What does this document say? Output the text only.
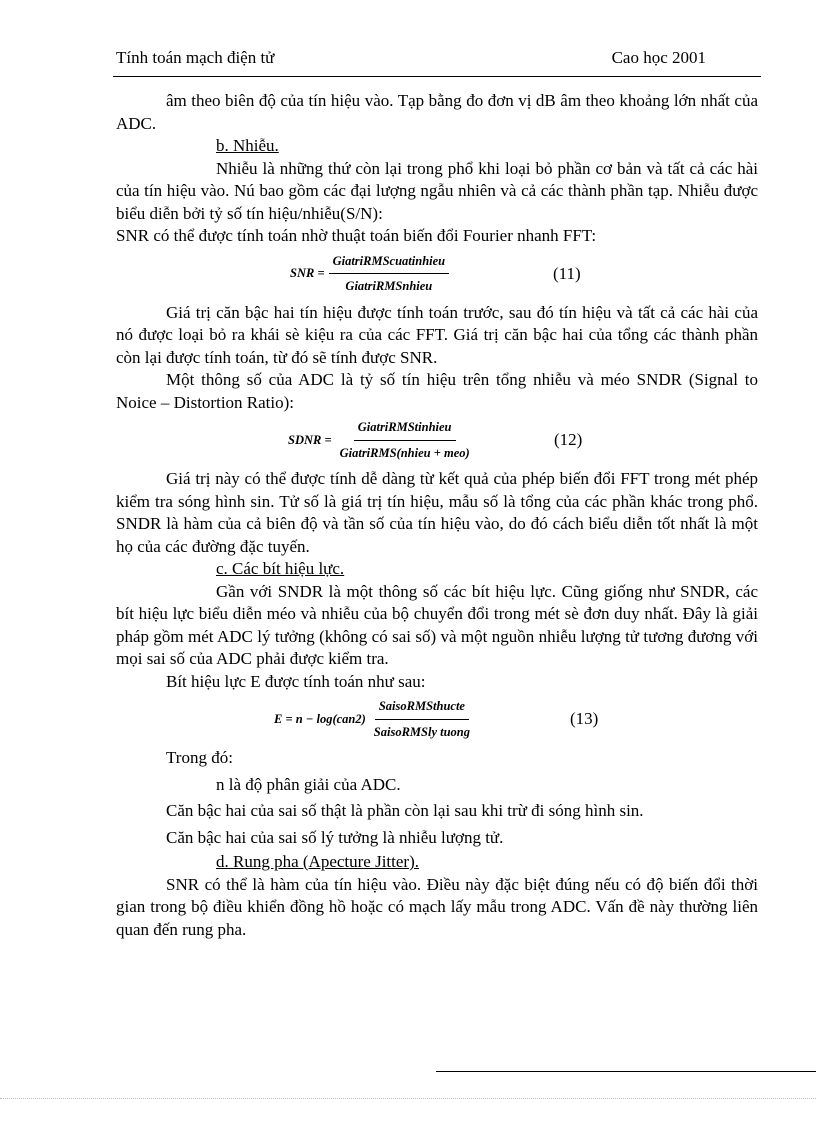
Tính toán mạch điện tử	Cao học 2001

âm theo biên độ của tín hiệu vào. Tạp bằng đo đơn vị dB âm theo khoảng lớn nhất của ADC.

b. Nhiễu.

Nhiễu là những thứ còn lại trong phổ khi loại bỏ phần cơ bản và tất cả các hài của tín hiệu vào. Nú bao gồm các đại lượng ngẫu nhiên và cả các thành phần tạp. Nhiễu được biểu diễn bởi tỷ số tín hiệu/nhiễu(S/N):

SNR có thể được tính toán nhờ thuật toán biến đổi Fourier nhanh FFT:

SNR = $\frac{\text{GiatriRMScuatinhieu}}{\text{GiatriRMSnhieu}}$	(11)

Giá trị căn bậc hai tín hiệu được tính toán trước, sau đó tín hiệu và tất cả các hài của nó được loại bỏ ra khái sè kiệu ra của các FFT. Giá trị căn bậc hai của tổng các thành phần còn lại được tính toán, từ đó sẽ tính được SNR.

Một thông số của ADC là tỷ số tín hiệu trên tổng nhiễu và méo SNDR (Signal to Noice – Distortion Ratio):

SDNR = $\frac{\text{GiatriRMStinhieu}}{\text{GiatriRMS(nhieu + meo)}}$	(12)

Giá trị này có thể được tính dễ dàng từ kết quả của phép biến đổi FFT trong mét phép kiểm tra sóng hình sin. Tử số là giá trị tín hiệu, mẫu số là tổng của các phần khác trong phổ. SNDR là hàm của cả biên độ và tần số của tín hiệu vào, do đó cách biểu diễn tốt nhất là một họ của các đường đặc tuyến.

c. Các bít hiệu lực.

Gần với SNDR là một thông số các bít hiệu lực. Cũng giống như SNDR, các bít hiệu lực biểu diễn méo và nhiễu của bộ chuyển đổi trong mét sè đơn duy nhất. Đây là giải pháp gồm mét ADC lý tưởng (không có sai số) và một nguồn nhiễu lượng tử tương đương với mọi sai số của ADC phải được kiểm tra.

Bít hiệu lực E được tính toán như sau:

$E = n - \log(can2) \frac{\text{SaisoRMSthucte}}{\text{SaisoRMSly tuong}}$	(13)

Trong đó:

n là độ phân giải của ADC.

Căn bậc hai của sai số thật là phần còn lại sau khi trừ đi sóng hình sin.

Căn bậc hai của sai số lý tưởng là nhiễu lượng tử.

d. Rung pha (Apecture Jitter).

SNR có thể là hàm của tín hiệu vào. Điều này đặc biệt đúng nếu có độ biến đổi thời gian trong bộ điều khiển đồng hồ hoặc có mạch lấy mẫu trong ADC. Vấn đề này thường liên quan đến rung pha.
